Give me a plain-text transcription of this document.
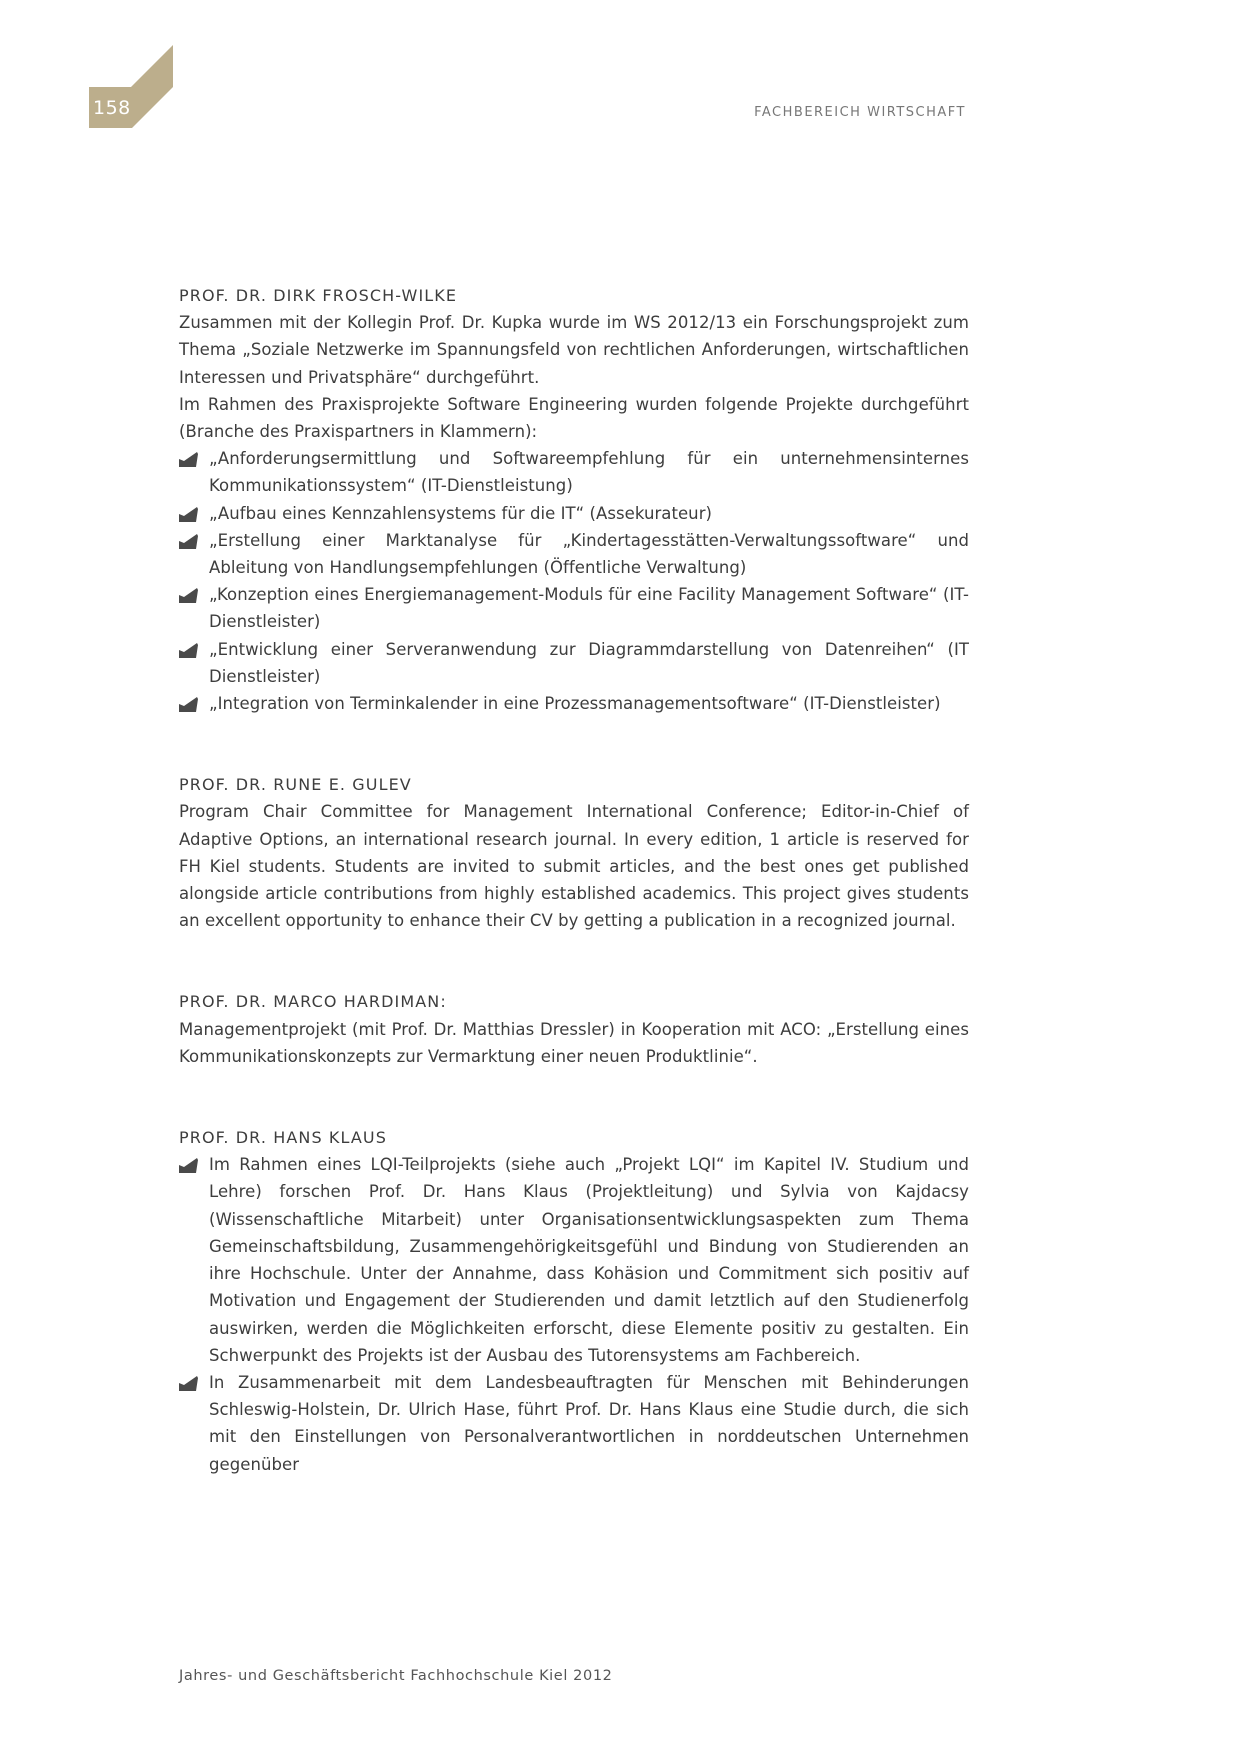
158	FACHBEREICH WIRTSCHAFT
PROF. DR. DIRK FROSCH-WILKE

Zusammen mit der Kollegin Prof. Dr. Kupka wurde im WS 2012/13 ein Forschungsprojekt zum Thema „Soziale Netzwerke im Spannungsfeld von rechtlichen Anforderungen, wirtschaftlichen Interessen und Privatsphäre“ durchgeführt.

Im Rahmen des Praxisprojekte Software Engineering wurden folgende Projekte durchgeführt (Branche des Praxispartners in Klammern):

„Anforderungsermittlung und Softwareempfehlung für ein unternehmensinternes Kommunikationssystem“ (IT-Dienstleistung)
„Aufbau eines Kennzahlensystems für die IT“ (Assekurateur)
„Erstellung einer Marktanalyse für „Kindertagesstätten-Verwaltungssoftware“ und Ableitung von Handlungsempfehlungen (Öffentliche Verwaltung)
„Konzeption eines Energiemanagement-Moduls für eine Facility Management Software“ (IT-Dienstleister)
„Entwicklung einer Serveranwendung zur Diagrammdarstellung von Datenreihen“ (IT Dienstleister)
„Integration von Terminkalender in eine Prozessmanagementsoftware“ (IT-Dienstleister)
PROF. DR. RUNE E. GULEV

Program Chair Committee for Management International Conference; Editor-in-Chief of Adaptive Options, an international research journal. In every edition, 1 article is reserved for FH Kiel students. Students are invited to submit articles, and the best ones get published alongside article contributions from highly established academics. This project gives students an excellent opportunity to enhance their CV by getting a publication in a recognized journal.

PROF. DR. MARCO HARDIMAN:

Managementprojekt (mit Prof. Dr. Matthias Dressler) in Kooperation mit ACO: „Erstellung eines Kommunikationskonzepts zur Vermarktung einer neuen Produktlinie“.

PROF. DR. HANS KLAUS
Im Rahmen eines LQI-Teilprojekts (siehe auch „Projekt LQI“ im Kapitel IV. Studium und Lehre) forschen Prof. Dr. Hans Klaus (Projektleitung) und Sylvia von Kajdacsy (Wissenschaftliche Mitarbeit) unter Organisationsentwicklungsaspekten zum Thema Gemeinschaftsbildung, Zusammengehörigkeitsgefühl und Bindung von Studierenden an ihre Hochschule. Unter der Annahme, dass Kohäsion und Commitment sich positiv auf Motivation und Engagement der Studierenden und damit letztlich auf den Studienerfolg auswirken, werden die Möglichkeiten erforscht, diese Elemente positiv zu gestalten. Ein Schwerpunkt des Projekts ist der Ausbau des Tutorensystems am Fachbereich.
In Zusammenarbeit mit dem Landesbeauftragten für Menschen mit Behinderungen Schleswig-Holstein, Dr. Ulrich Hase, führt Prof. Dr. Hans Klaus eine Studie durch, die sich mit den Einstellungen von Personalverantwortlichen in norddeutschen Unternehmen gegenüber
Jahres- und Geschäftsbericht Fachhochschule Kiel 2012
